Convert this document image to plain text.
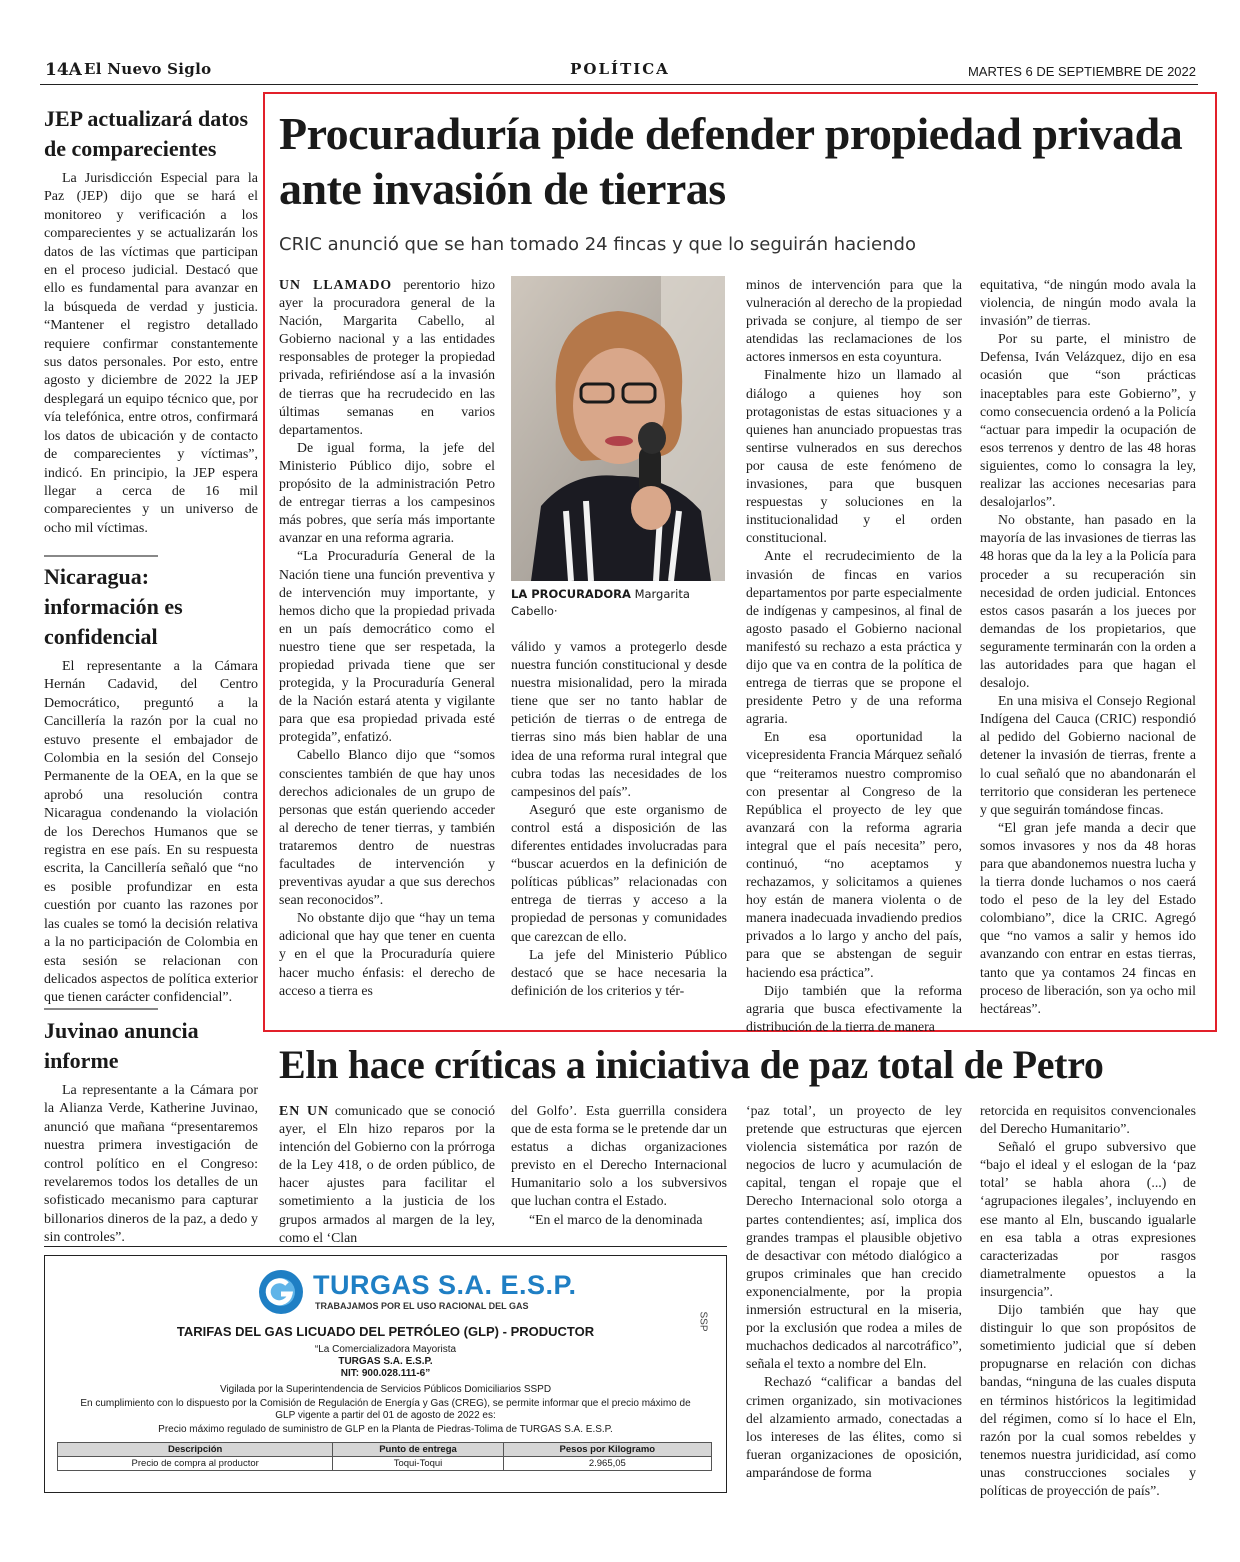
14A El Nuevo Siglo	POLÍTICA	MARTES 6 DE SEPTIEMBRE DE 2022
JEP actualizará datos de comparecientes

La Jurisdicción Especial para la Paz (JEP) dijo que se hará el monitoreo y verificación a los comparecientes y se actualizarán los datos de las víctimas que participan en el proceso judicial. Destacó que ello es fundamental para avanzar en la búsqueda de verdad y justicia. “Mantener el registro detallado requiere confirmar constantemente sus datos personales. Por esto, entre agosto y diciembre de 2022 la JEP desplegará un equipo técnico que, por vía telefónica, entre otros, confirmará los datos de ubicación y de contacto de comparecientes y víctimas”, indicó. En principio, la JEP espera llegar a cerca de 16 mil comparecientes y un universo de ocho mil víctimas.

Nicaragua: información es confidencial

El representante a la Cámara Hernán Cadavid, del Centro Democrático, preguntó a la Cancillería la razón por la cual no estuvo presente el embajador de Colombia en la sesión del Consejo Permanente de la OEA, en la que se aprobó una resolución contra Nicaragua condenando la violación de los Derechos Humanos que se registra en ese país. En su respuesta escrita, la Cancillería señaló que “no es posible profundizar en esta cuestión por cuanto las razones por las cuales se tomó la decisión relativa a la no participación de Colombia en esta sesión se relacionan con delicados aspectos de política exterior que tienen carácter confidencial”.

Juvinao anuncia informe

La representante a la Cámara por la Alianza Verde, Katherine Juvinao, anunció que mañana “presentaremos nuestra primera investigación de control político en el Congreso: revelaremos todos los detalles de un sofisticado mecanismo para capturar billonarios dineros de la paz, a dedo y sin controles”.

Procuraduría pide defender propiedad privada ante invasión de tierras
CRIC anunció que se han tomado 24 fincas y que lo seguirán haciendo

UN LLAMADO perentorio hizo ayer la procuradora general de la Nación, Margarita Cabello, al Gobierno nacional y a las entidades responsables de proteger la propiedad privada, refiriéndose así a la invasión de tierras que ha recrudecido en las últimas semanas en varios departamentos.

De igual forma, la jefe del Ministerio Público dijo, sobre el propósito de la administración Petro de entregar tierras a los campesinos más pobres, que sería más importante avanzar en una reforma agraria.

“La Procuraduría General de la Nación tiene una función preventiva y de intervención muy importante, y hemos dicho que la propiedad privada en un país democrático como el nuestro tiene que ser respetada, la propiedad privada tiene que ser protegida, y la Procuraduría General de la Nación estará atenta y vigilante para que esa propiedad privada esté protegida”, enfatizó.

Cabello Blanco dijo que “somos conscientes también de que hay unos derechos adicionales de un grupo de personas que están queriendo acceder al derecho de tener tierras, y también trataremos dentro de nuestras facultades de intervención y preventivas ayudar a que sus derechos sean reconocidos”.

No obstante dijo que “hay un tema adicional que hay que tener en cuenta y en el que la Procuraduría quiere hacer mucho énfasis: el derecho de acceso a tierra es

LA PROCURADORA Margarita Cabello·

válido y vamos a protegerlo desde nuestra función constitucional y desde nuestra misionalidad, pero la mirada tiene que ser no tanto hablar de petición de tierras o de entrega de tierras sino más bien hablar de una idea de una reforma rural integral que cubra todas las necesidades de los campesinos del país”.

Aseguró que este organismo de control está a disposición de las diferentes entidades involucradas para “buscar acuerdos en la definición de políticas públicas” relacionadas con entrega de tierras y acceso a la propiedad de personas y comunidades que carezcan de ello.

La jefe del Ministerio Público destacó que se hace necesaria la definición de los criterios y tér-

minos de intervención para que la vulneración al derecho de la propiedad privada se conjure, al tiempo de ser atendidas las reclamaciones de los actores inmersos en esta coyuntura.

Finalmente hizo un llamado al diálogo a quienes hoy son protagonistas de estas situaciones y a quienes han anunciado propuestas tras sentirse vulnerados en sus derechos por causa de este fenómeno de invasiones, para que busquen respuestas y soluciones en la institucionalidad y el orden constitucional.

Ante el recrudecimiento de la invasión de fincas en varios departamentos por parte especialmente de indígenas y campesinos, al final de agosto pasado el Gobierno nacional manifestó su rechazo a esta práctica y dijo que va en contra de la política de entrega de tierras que se propone el presidente Petro y de una reforma agraria.

En esa oportunidad la vicepresidenta Francia Márquez señaló que “reiteramos nuestro compromiso con presentar al Congreso de la República el proyecto de ley que avanzará con la reforma agraria integral que el país necesita” pero, continuó, “no aceptamos y rechazamos, y solicitamos a quienes hoy están de manera violenta o de manera inadecuada invadiendo predios privados a lo largo y ancho del país, para que se abstengan de seguir haciendo esa práctica”.

Dijo también que la reforma agraria que busca efectivamente la distribución de la tierra de manera

equitativa, “de ningún modo avala la violencia, de ningún modo avala la invasión” de tierras.

Por su parte, el ministro de Defensa, Iván Velázquez, dijo en esa ocasión que “son prácticas inaceptables para este Gobierno”, y como consecuencia ordenó a la Policía “actuar para impedir la ocupación de esos terrenos y dentro de las 48 horas siguientes, como lo consagra la ley, realizar las acciones necesarias para desalojarlos”.

No obstante, han pasado en la mayoría de las invasiones de tierras las 48 horas que da la ley a la Policía para proceder a su recuperación sin necesidad de orden judicial. Entonces estos casos pasarán a los jueces por demandas de los propietarios, que seguramente terminarán con la orden a las autoridades para que hagan el desalojo.

En una misiva el Consejo Regional Indígena del Cauca (CRIC) respondió al pedido del Gobierno nacional de detener la invasión de tierras, frente a lo cual señaló que no abandonarán el territorio que consideran les pertenece y que seguirán tomándose fincas.

“El gran jefe manda a decir que somos invasores y nos da 48 horas para que abandonemos nuestra lucha y la tierra donde luchamos o nos caerá todo el peso de la ley del Estado colombiano”, dice la CRIC. Agregó que “no vamos a salir y hemos ido avanzando con entrar en estas tierras, tanto que ya contamos 24 fincas en proceso de liberación, son ya ocho mil hectáreas”.

Eln hace críticas a iniciativa de paz total de Petro

EN UN comunicado que se conoció ayer, el Eln hizo reparos por la intención del Gobierno con la prórroga de la Ley 418, o de orden público, de hacer ajustes para facilitar el sometimiento a la justicia de los grupos armados al margen de la ley, como el ‘Clan

del Golfo’. Esta guerrilla considera que de esta forma se le pretende dar un estatus a dichas organizaciones previsto en el Derecho Internacional Humanitario solo a los subversivos que luchan contra el Estado.

“En el marco de la denominada

‘paz total’, un proyecto de ley pretende que estructuras que ejercen violencia sistemática por razón de negocios de lucro y acumulación de capital, tengan el ropaje que el Derecho Internacional solo otorga a partes contendientes; así, implica dos grandes trampas el plausible objetivo de desactivar con método dialógico a grupos criminales que han crecido exponencialmente, por la propia inmersión estructural en la miseria, por la exclusión que rodea a miles de muchachos dedicados al narcotráfico”, señala el texto a nombre del Eln.

Rechazó “calificar a bandas del crimen organizado, sin motivaciones del alzamiento armado, conectadas a los intereses de las élites, como si fueran organizaciones de oposición, amparándose de forma

retorcida en requisitos convencionales del Derecho Humanitario”.

Señaló el grupo subversivo que “bajo el ideal y el eslogan de la ‘paz total’ se habla ahora (...) de ‘agrupaciones ilegales’, incluyendo en ese manto al Eln, buscando igualarle en esa tabla a otras expresiones caracterizadas por rasgos diametralmente opuestos a la insurgencia”.

Dijo también que hay que distinguir lo que son propósitos de sometimiento judicial que sí deben propugnarse en relación con dichas bandas, “ninguna de las cuales disputa en términos históricos la legitimidad del régimen, como sí lo hace el Eln, razón por la cual somos rebeldes y tenemos nuestra juridicidad, así como unas construcciones sociales y políticas de proyección de país”.

TURGAS S.A. E.S.P.
TRABAJAMOS POR EL USO RACIONAL DEL GAS
SSP
TARIFAS DEL GAS LICUADO DEL PETRÓLEO (GLP) - PRODUCTOR
“La Comercializadora Mayorista
TURGAS S.A. E.S.P.
NIT: 900.028.111-6”
Vigilada por la Superintendencia de Servicios Públicos Domiciliarios SSPD
En cumplimiento con lo dispuesto por la Comisión de Regulación de Energía y Gas (CREG), se permite informar que el precio máximo de
GLP vigente a partir del 01 de agosto de 2022 es:
Precio máximo regulado de suministro de GLP en la Planta de Piedras-Tolima de TURGAS S.A. E.S.P.
Descripción	Punto de entrega	Pesos por Kilogramo
Precio de compra al productor	Toqui-Toqui	2.965,05
